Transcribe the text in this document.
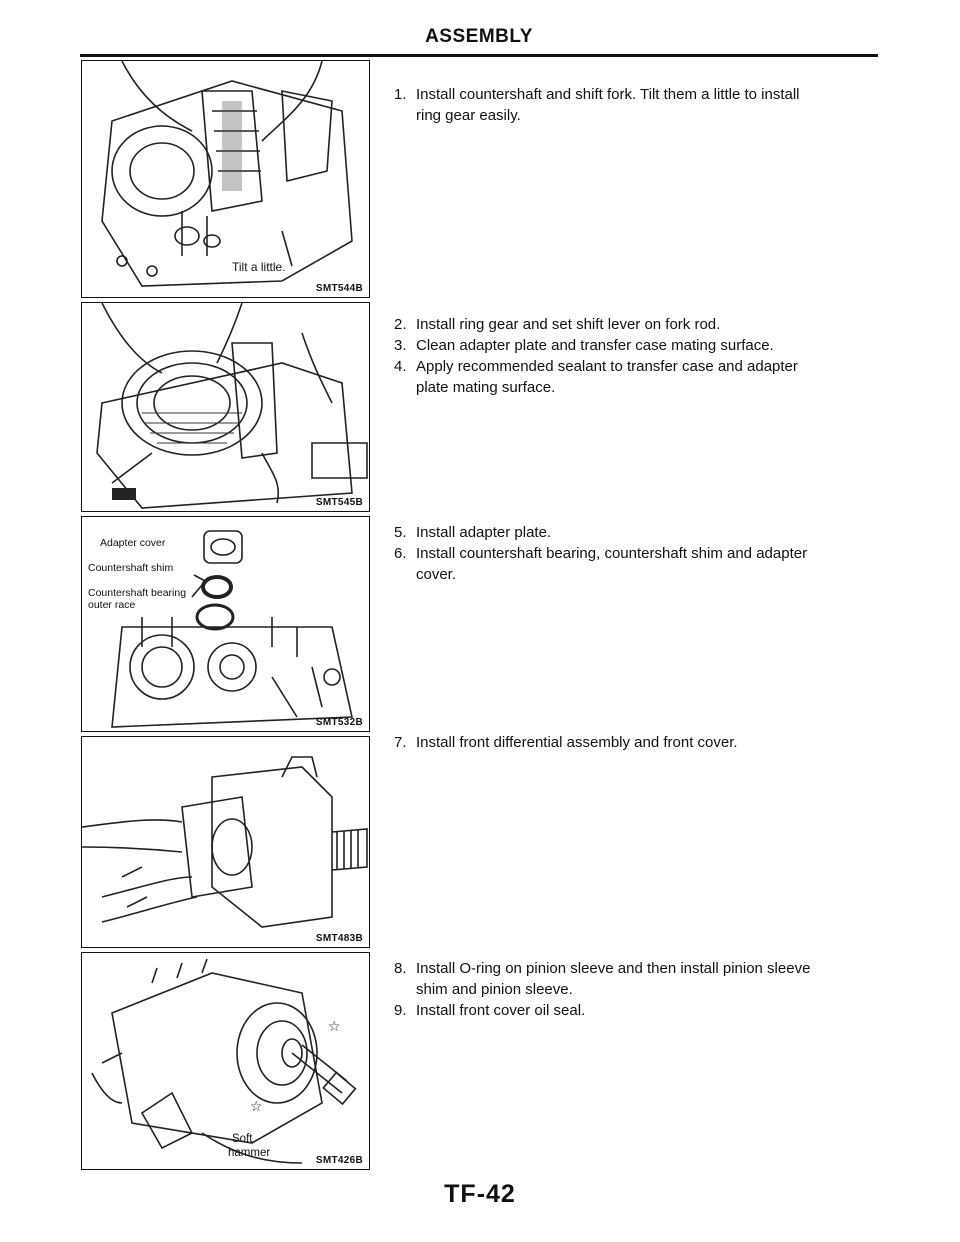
ASSEMBLY
Tilt a little.
SMT544B
SMT545B
Adapter cover
Countershaft shim
Countershaft bearing
outer race
SMT532B
SMT483B
☆
☆
Soft
hammer
SMT426B
1. Install countershaft and shift fork. Tilt them a little to install
ring gear easily.
2. Install ring gear and set shift lever on fork rod.
3. Clean adapter plate and transfer case mating surface.
4. Apply recommended sealant to transfer case and adapter
plate mating surface.
5. Install adapter plate.
6. Install countershaft bearing, countershaft shim and adapter
cover.
7. Install front differential assembly and front cover.
8. Install O-ring on pinion sleeve and then install pinion sleeve
shim and pinion sleeve.
9. Install front cover oil seal.
TF-42
